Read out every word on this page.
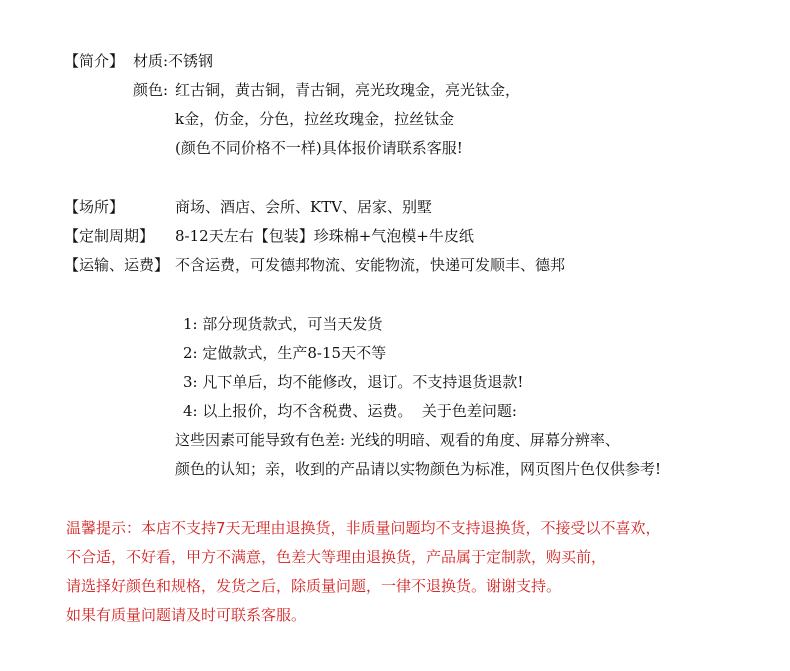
【简介】 材质:不锈钢
颜色: 红古铜，黄古铜，青古铜，亮光玫瑰金，亮光钛金，
k金，仿金，分色，拉丝玫瑰金，拉丝钛金
(颜色不同价格不一样)具体报价请联系客服!
【场所】	商场、酒店、会所、KTV、居家、别墅
【定制周期】 8-12天左右【包装】珍珠棉+气泡模+牛皮纸
【运输、运费】 不含运费，可发德邦物流、安能物流，快递可发顺丰、德邦
1: 部分现货款式，可当天发货
2: 定做款式，生产8-15天不等
3: 凡下单后，均不能修改，退订。不支持退货退款!
4: 以上报价，均不含税费、运费。  关于色差问题:
这些因素可能导致有色差: 光线的明暗、观看的角度、屏幕分辨率、
颜色的认知；亲，收到的产品请以实物颜色为标准，网页图片色仅供参考!
温馨提示：本店不支持7天无理由退换货，非质量问题均不支持退换货，不接受以不喜欢，
不合适，不好看，甲方不满意，色差大等理由退换货，产品属于定制款，购买前，
请选择好颜色和规格，发货之后，除质量问题，一律不退换货。谢谢支持。
如果有质量问题请及时可联系客服。
